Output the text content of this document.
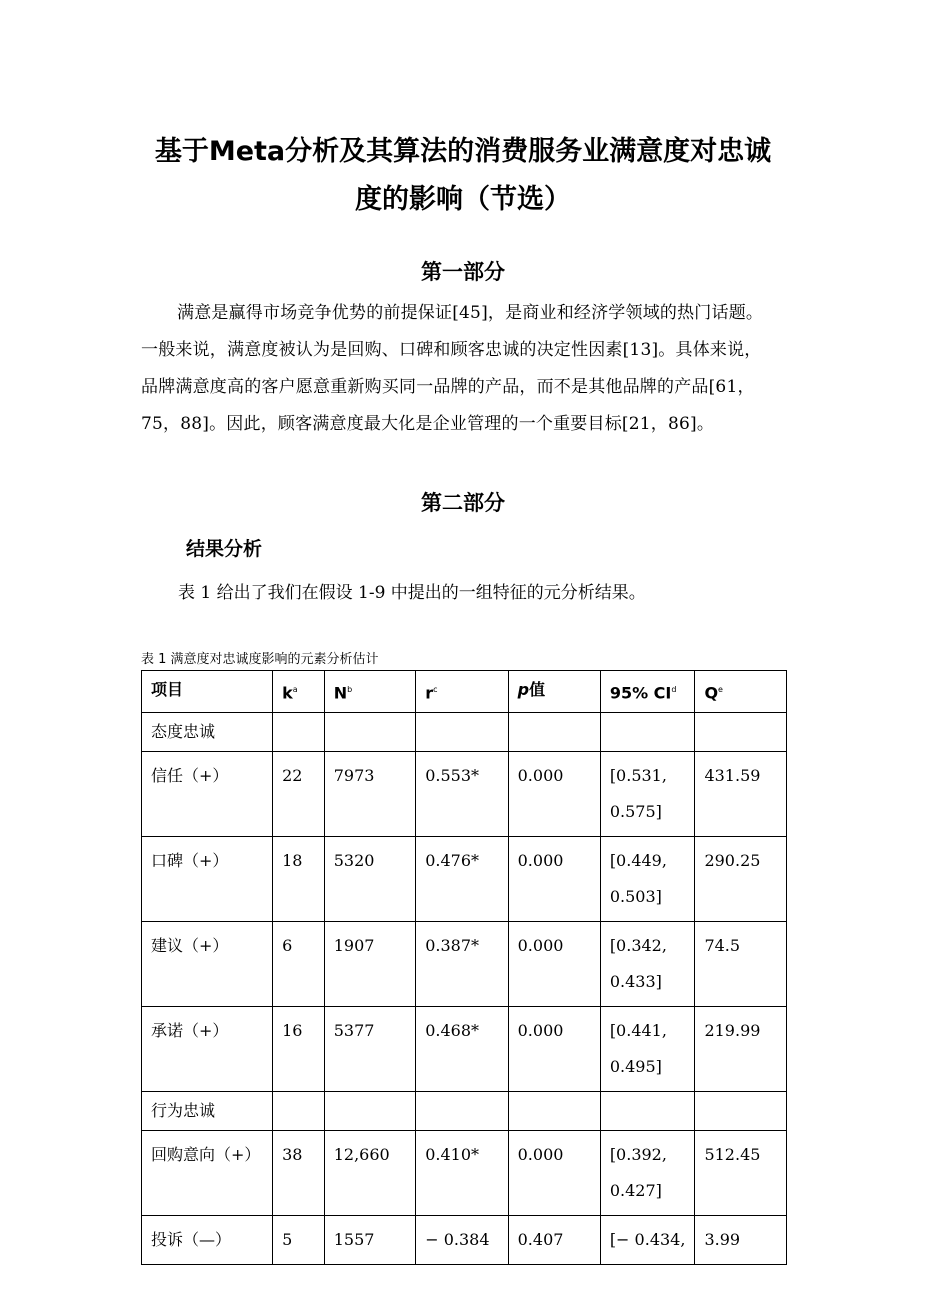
基于Meta分析及其算法的消费服务业满意度对忠诚
度的影响（节选）
第一部分
满意是赢得市场竞争优势的前提保证[45]，是商业和经济学领域的热门话题。
一般来说，满意度被认为是回购、口碑和顾客忠诚的决定性因素[13]。具体来说，
品牌满意度高的客户愿意重新购买同一品牌的产品，而不是其他品牌的产品[61，
75，88]。因此，顾客满意度最大化是企业管理的一个重要目标[21，86]。
第二部分
结果分析
表 1 给出了我们在假设 1-9 中提出的一组特征的元分析结果。
表 1 满意度对忠诚度影响的元素分析估计
项目	$k^a$	$N^b$	$r^c$	p值	95% $CI^d$	$Q^e$
态度忠诚						
信任（+）	22	7973	0.553*	0.000	[0.531,
0.575]	431.59
口碑（+）	18	5320	0.476*	0.000	[0.449,
0.503]	290.25
建议（+）	6	1907	0.387*	0.000	[0.342,
0.433]	74.5
承诺（+）	16	5377	0.468*	0.000	[0.441,
0.495]	219.99
行为忠诚						
回购意向（+）	38	12,660	0.410*	0.000	[0.392,
0.427]	512.45
投诉（—）	5	1557	− 0.384	0.407	[− 0.434,	3.99
